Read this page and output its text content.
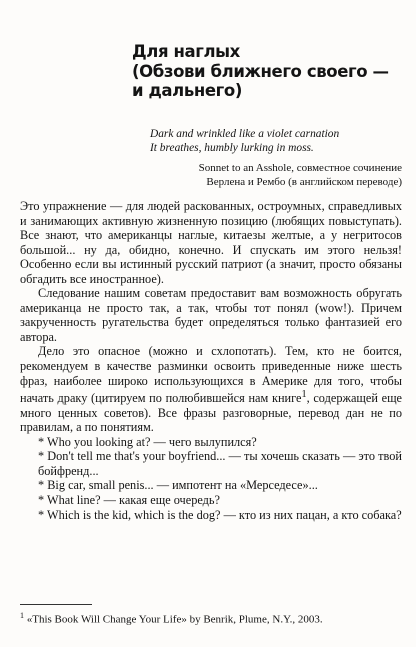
Для наглых
(Обзови ближнего своего —
и дальнего)
Dark and wrinkled like a violet carnation
It breathes, humbly lurking in moss.
Sonnet to an Asshole, совместное сочинение
Верлена и Рембо (в английском переводе)

Это упражнение — для людей раскованных, остроумных, справедливых и занимающих активную жизненную позицию (любящих повыступать). Все знают, что американцы наглые, китаезы желтые, а у негритосов большой... ну да, обидно, конечно. И спускать им этого нельзя! Особенно если вы истинный русский патриот (а значит, просто обязаны обгадить все иностранное).

Следование нашим советам предоставит вам возможность обругать американца не просто так, а так, чтобы тот понял (wow!). Причем закрученность ругательства будет определяться только фантазией его автора.

Дело это опасное (можно и схлопотать). Тем, кто не боится, рекомендуем в качестве разминки освоить приведенные ниже шесть фраз, наиболее широко использующихся в Америке для того, чтобы начать драку (цитируем по полюбившейся нам книге$^1$, содержащей еще много ценных советов). Все фразы разговорные, перевод дан не по правилам, а по понятиям.

* Who you looking at? — чего вылупился?

* Don't tell me that's your boyfriend... — ты хочешь сказать — это твой бойфренд...

* Big car, small penis... — импотент на «Мерседесе»...

* What line? — какая еще очередь?

* Which is the kid, which is the dog? — кто из них пацан, а кто собака?

$^1$ «This Book Will Change Your Life» by Benrik, Plume, N.Y., 2003.
